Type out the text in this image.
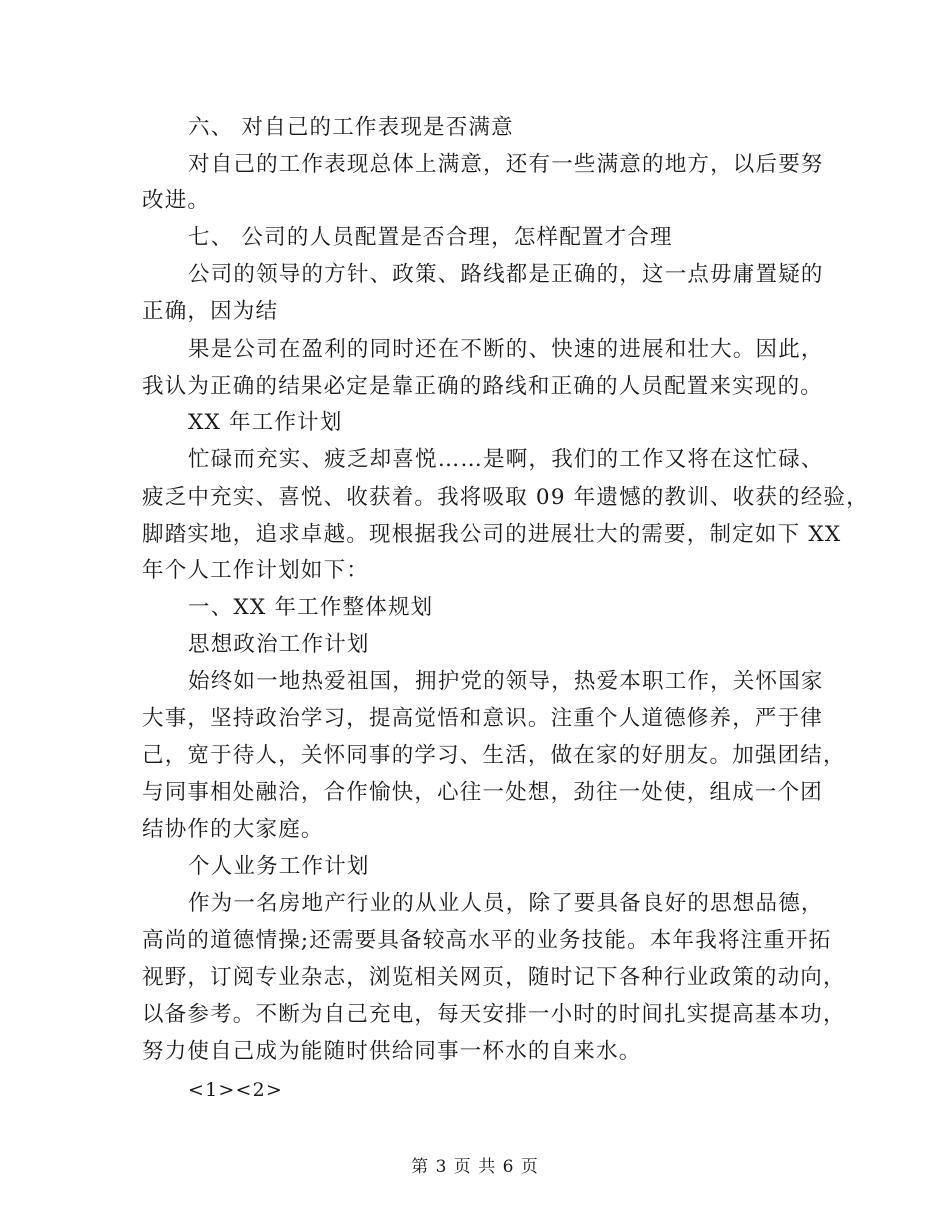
六、 对自己的工作表现是否满意
对自己的工作表现总体上满意，还有一些满意的地方，以后要努
改进。
七、 公司的人员配置是否合理，怎样配置才合理
公司的领导的方针、政策、路线都是正确的，这一点毋庸置疑的
正确，因为结
果是公司在盈利的同时还在不断的、快速的进展和壮大。因此，
我认为正确的结果必定是靠正确的路线和正确的人员配置来实现的。
XX 年工作计划
忙碌而充实、疲乏却喜悦……是啊，我们的工作又将在这忙碌、
疲乏中充实、喜悦、收获着。我将吸取 09 年遗憾的教训、收获的经验，
脚踏实地，追求卓越。现根据我公司的进展壮大的需要，制定如下 XX
年个人工作计划如下：
一、XX 年工作整体规划
思想政治工作计划
始终如一地热爱祖国，拥护党的领导，热爱本职工作，关怀国家
大事，坚持政治学习，提高觉悟和意识。注重个人道德修养，严于律
己，宽于待人，关怀同事的学习、生活，做在家的好朋友。加强团结，
与同事相处融洽，合作愉快，心往一处想，劲往一处使，组成一个团
结协作的大家庭。
个人业务工作计划
作为一名房地产行业的从业人员，除了要具备良好的思想品德，
高尚的道德情操;还需要具备较高水平的业务技能。本年我将注重开拓
视野，订阅专业杂志，浏览相关网页，随时记下各种行业政策的动向，
以备参考。不断为自己充电，每天安排一小时的时间扎实提高基本功，
努力使自己成为能随时供给同事一杯水的自来水。
<1><2>
第 3 页 共 6 页
